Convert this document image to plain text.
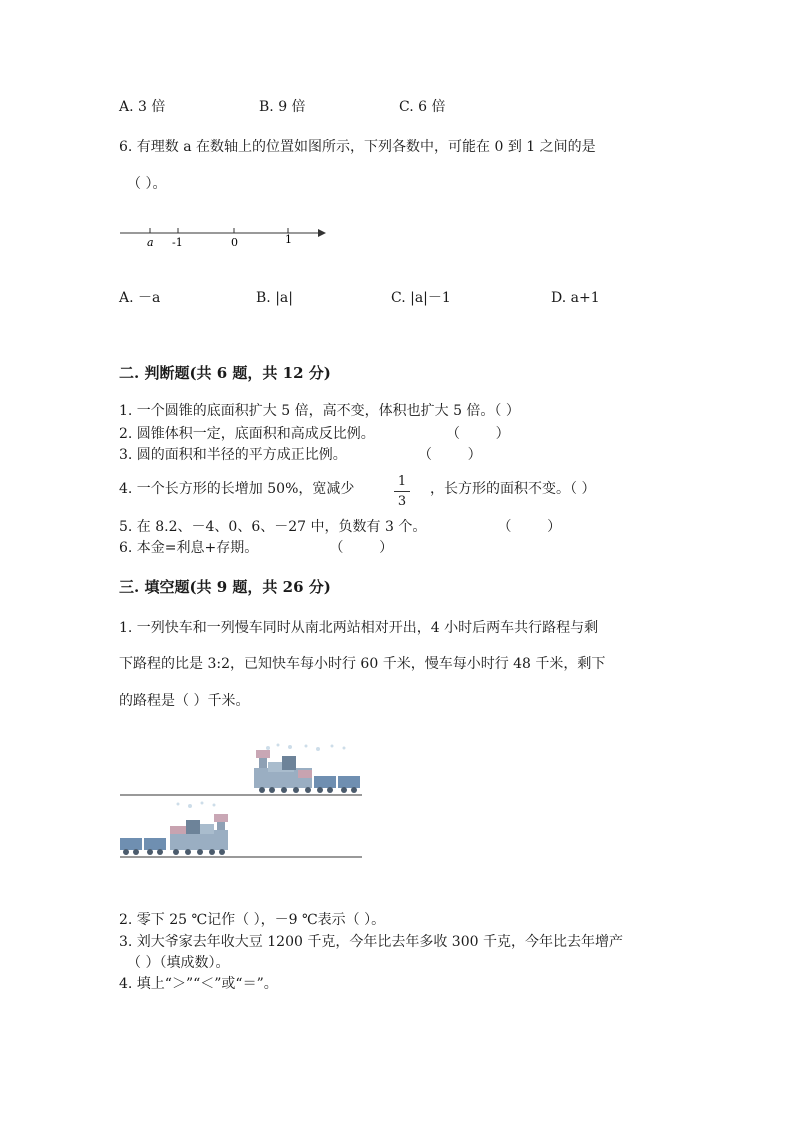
A. 3 倍	B. 9 倍	C. 6 倍
6. 有理数 a 在数轴上的位置如图所示，下列各数中，可能在 0 到 1 之间的是
（ ）。
a -1	0	1
A. －a	B. |a|	C. |a|－1	D. a+1
二. 判断题(共 6 题，共 12 分)
1. 一个圆锥的底面积扩大 5 倍，高不变，体积也扩大 5 倍。（ ）
2. 圆锥体积一定，底面积和高成反比例。                （        ）
3. 圆的面积和半径的平方成正比例。                （        ）
4. 一个长方形的长增加 50%，宽减少	1
3
，长方形的面积不变。（ ）
5. 在 8.2、－4、0、6、－27 中，负数有 3 个。                （        ）
6. 本金=利息+存期。                （        ）
三. 填空题(共 9 题，共 26 分)
1. 一列快车和一列慢车同时从南北两站相对开出，4 小时后两车共行路程与剩
下路程的比是 3:2，已知快车每小时行 60 千米，慢车每小时行 48 千米，剩下
的路程是（ ）千米。
2. 零下 25 ℃记作（ ），－9 ℃表示（ ）。
3. 刘大爷家去年收大豆 1200 千克，今年比去年多收 300 千克，今年比去年增产
（ ）（填成数）。
4. 填上“＞”“＜”或“＝”。
